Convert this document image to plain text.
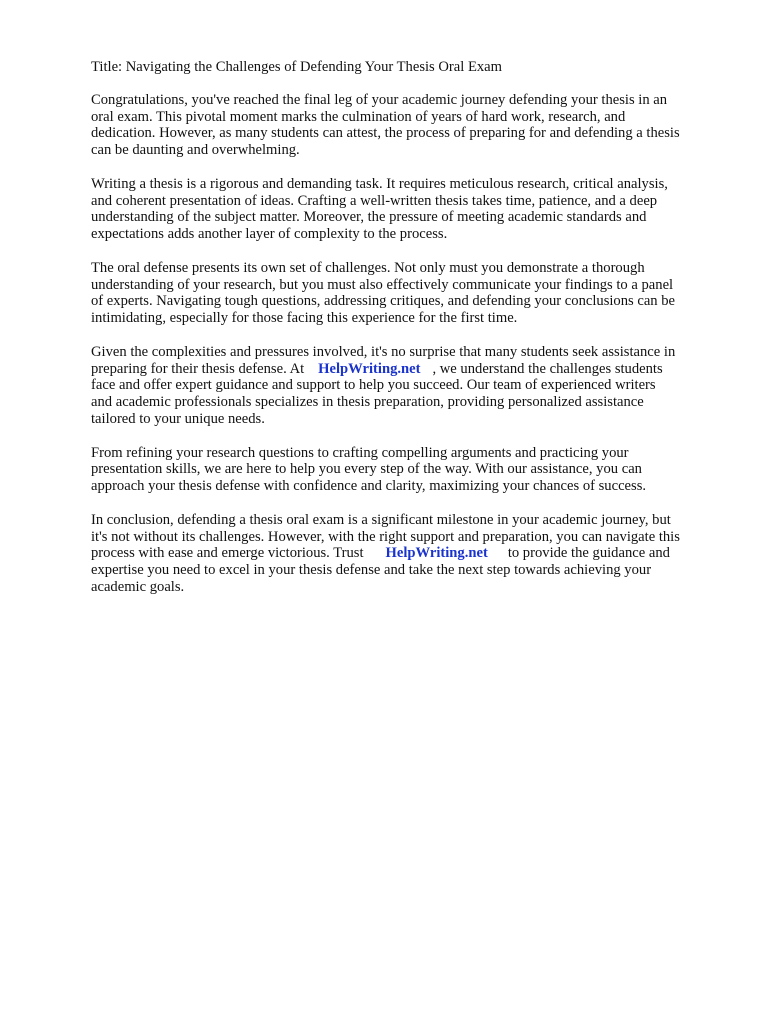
Title: Navigating the Challenges of Defending Your Thesis Oral Exam
Congratulations, you've reached the final leg of your academic journey defending your thesis in an
oral exam. This pivotal moment marks the culmination of years of hard work, research, and
dedication. However, as many students can attest, the process of preparing for and defending a thesis
can be daunting and overwhelming.
Writing a thesis is a rigorous and demanding task. It requires meticulous research, critical analysis,
and coherent presentation of ideas. Crafting a well-written thesis takes time, patience, and a deep
understanding of the subject matter. Moreover, the pressure of meeting academic standards and
expectations adds another layer of complexity to the process.
The oral defense presents its own set of challenges. Not only must you demonstrate a thorough
understanding of your research, but you must also effectively communicate your findings to a panel
of experts. Navigating tough questions, addressing critiques, and defending your conclusions can be
intimidating, especially for those facing this experience for the first time.
Given the complexities and pressures involved, it's no surprise that many students seek assistance in
preparing for their thesis defense. At HelpWriting.net , we understand the challenges students
face and offer expert guidance and support to help you succeed. Our team of experienced writers
and academic professionals specializes in thesis preparation, providing personalized assistance
tailored to your unique needs.
From refining your research questions to crafting compelling arguments and practicing your
presentation skills, we are here to help you every step of the way. With our assistance, you can
approach your thesis defense with confidence and clarity, maximizing your chances of success.
In conclusion, defending a thesis oral exam is a significant milestone in your academic journey, but
it's not without its challenges. However, with the right support and preparation, you can navigate this
process with ease and emerge victorious. Trust HelpWriting.net to provide the guidance and
expertise you need to excel in your thesis defense and take the next step towards achieving your
academic goals.
